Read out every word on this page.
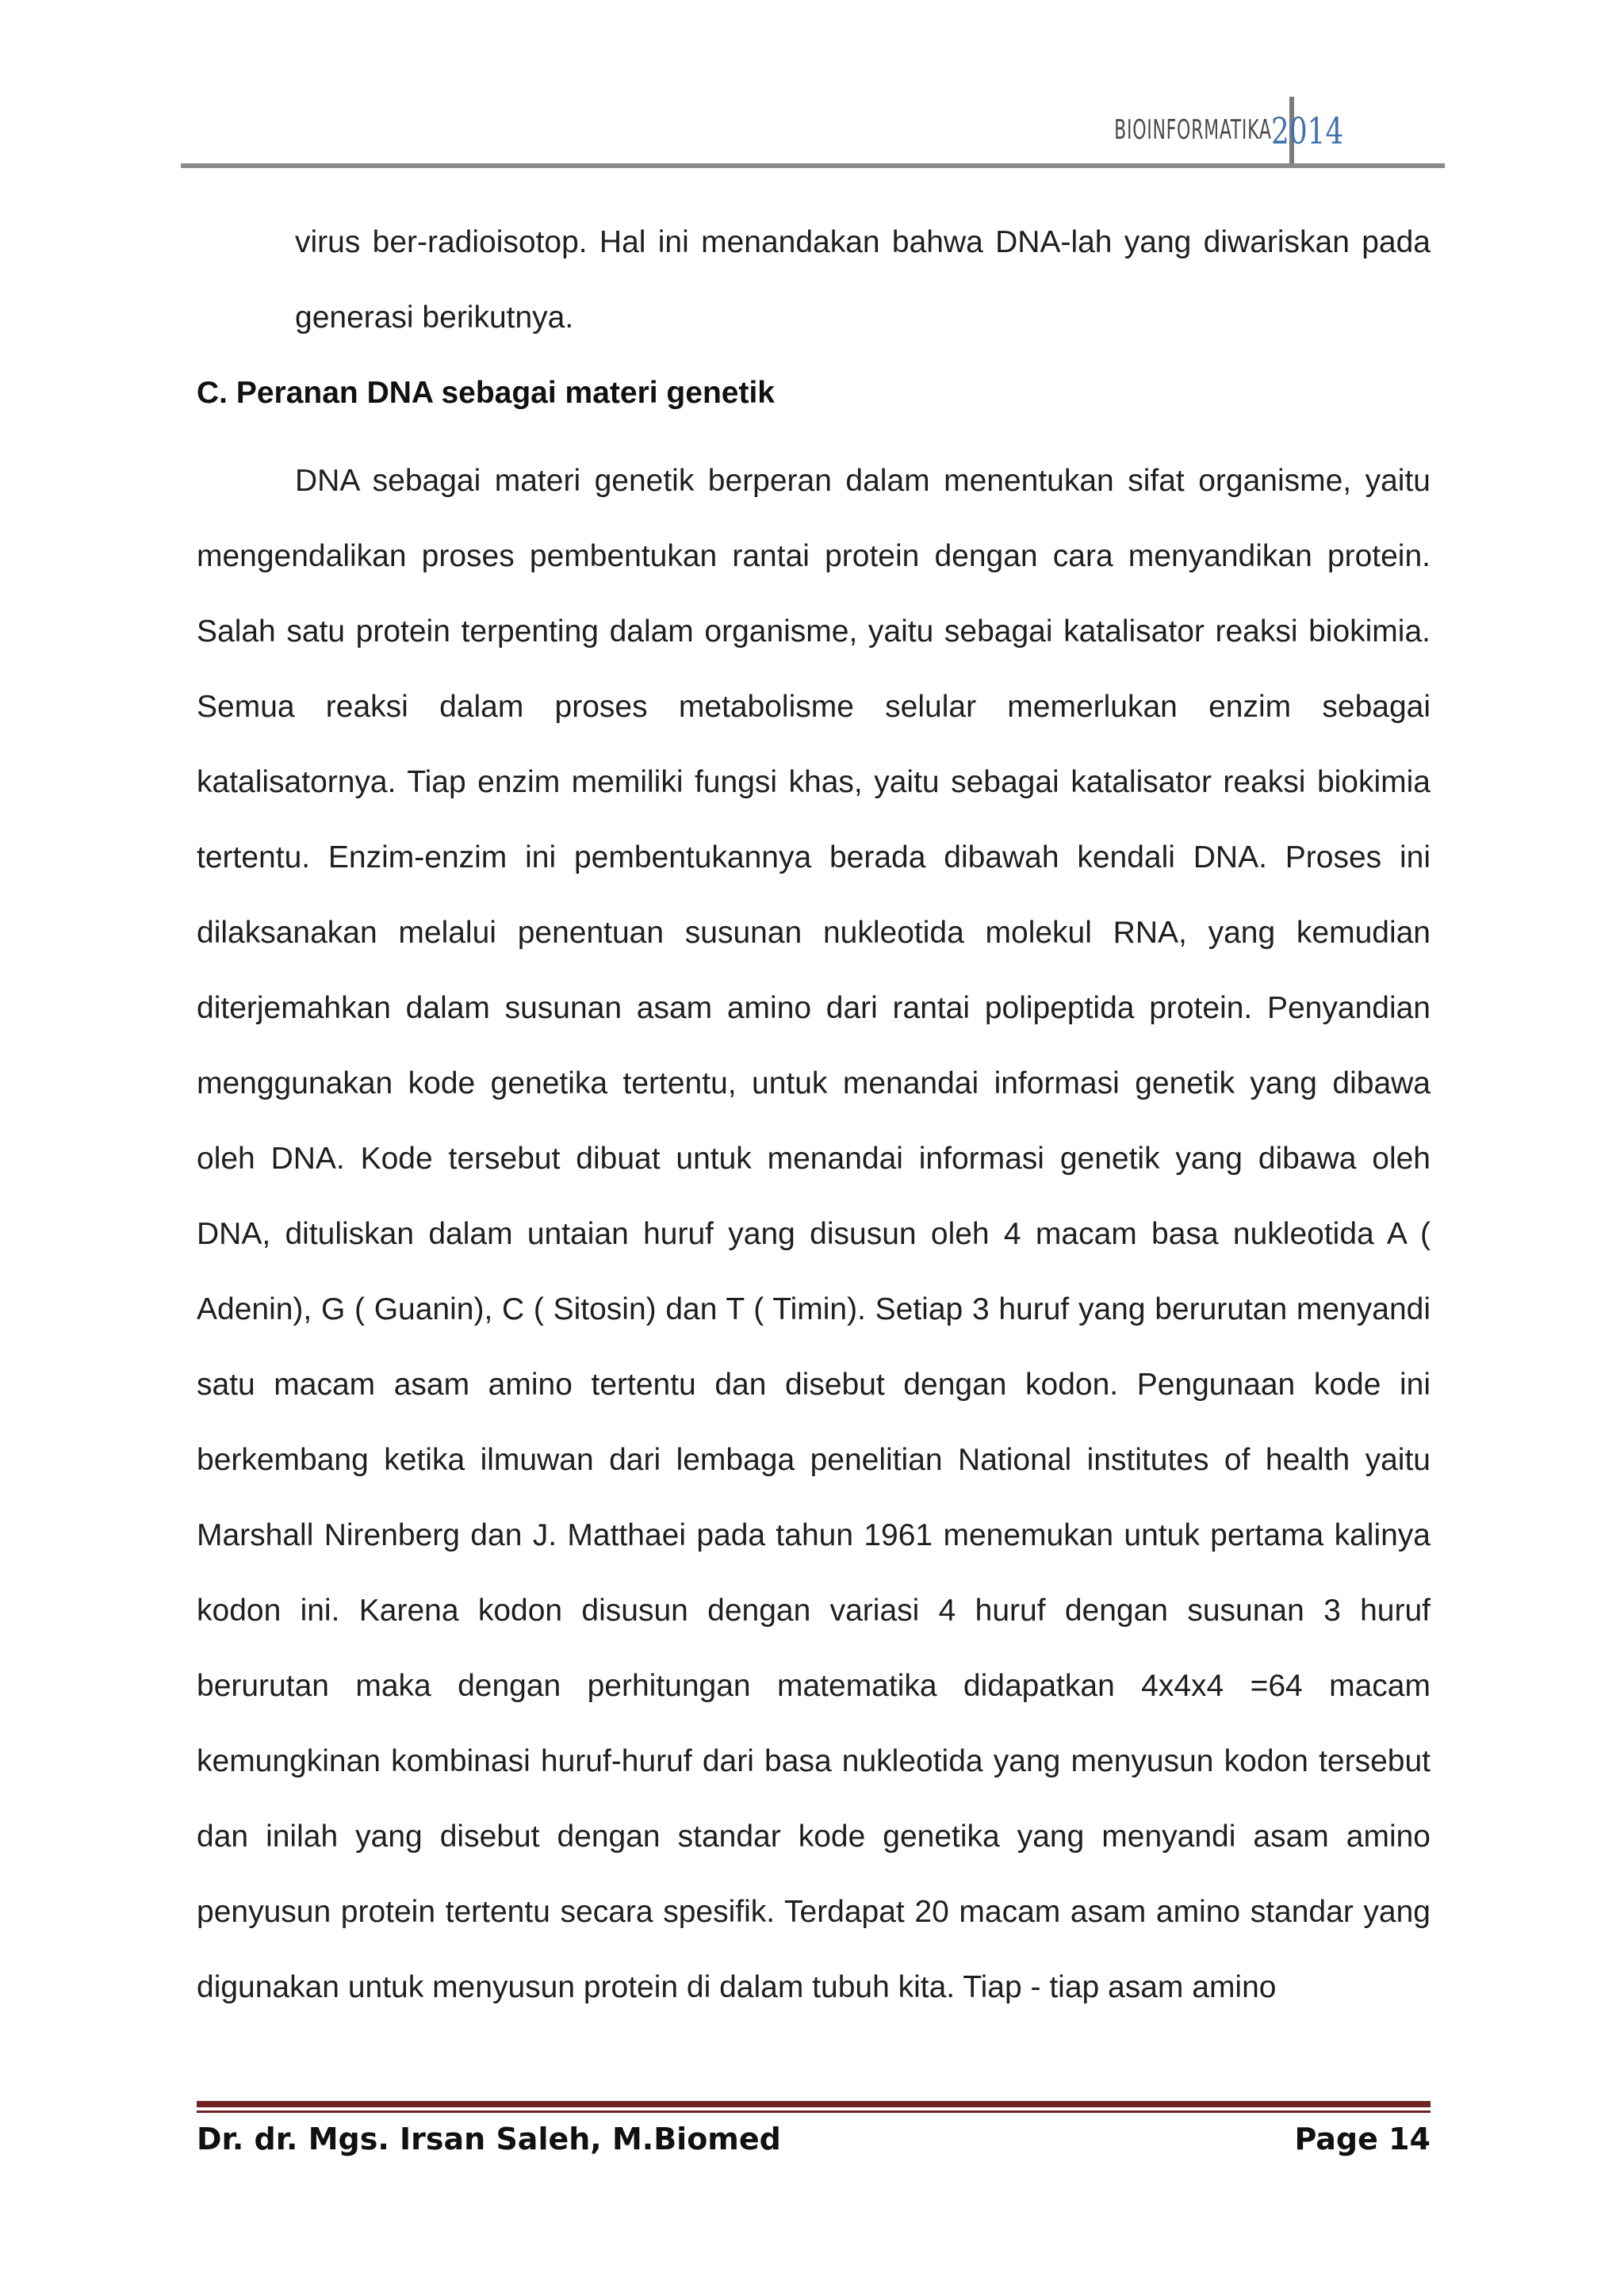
BIOINFORMATIKA
2014

virus ber-radioisotop. Hal ini menandakan bahwa DNA-lah yang diwariskan pada generasi berikutnya.

C. Peranan DNA sebagai materi genetik

DNA sebagai materi genetik berperan dalam menentukan sifat organisme, yaitu mengendalikan proses pembentukan rantai protein dengan cara menyandikan protein. Salah satu protein terpenting dalam organisme, yaitu sebagai katalisator reaksi biokimia. Semua reaksi dalam proses metabolisme selular memerlukan enzim sebagai katalisatornya. Tiap enzim memiliki fungsi khas, yaitu sebagai katalisator reaksi biokimia tertentu. Enzim-enzim ini pembentukannya berada dibawah kendali DNA. Proses ini dilaksanakan melalui penentuan susunan nukleotida molekul RNA, yang kemudian diterjemahkan dalam susunan asam amino dari rantai polipeptida protein. Penyandian menggunakan kode genetika tertentu, untuk menandai informasi genetik yang dibawa oleh DNA. Kode tersebut dibuat untuk menandai informasi genetik yang dibawa oleh DNA, dituliskan dalam untaian huruf yang disusun oleh 4 macam basa nukleotida A ( Adenin), G ( Guanin), C ( Sitosin) dan T ( Timin). Setiap 3 huruf yang berurutan menyandi satu macam asam amino tertentu dan disebut dengan kodon. Pengunaan kode ini berkembang ketika ilmuwan dari lembaga penelitian National institutes of health yaitu Marshall Nirenberg dan J. Matthaei pada tahun 1961 menemukan untuk pertama kalinya kodon ini. Karena kodon disusun dengan variasi 4 huruf dengan susunan 3 huruf berurutan maka dengan perhitungan matematika didapatkan 4x4x4 =64 macam kemungkinan kombinasi huruf-huruf dari basa nukleotida yang menyusun kodon tersebut dan inilah yang disebut dengan standar kode genetika yang menyandi asam amino penyusun protein tertentu secara spesifik. Terdapat 20 macam asam amino standar yang digunakan untuk menyusun protein di dalam tubuh kita. Tiap - tiap asam amino

Dr. dr. Mgs. Irsan Saleh, M.Biomed	Page 14
